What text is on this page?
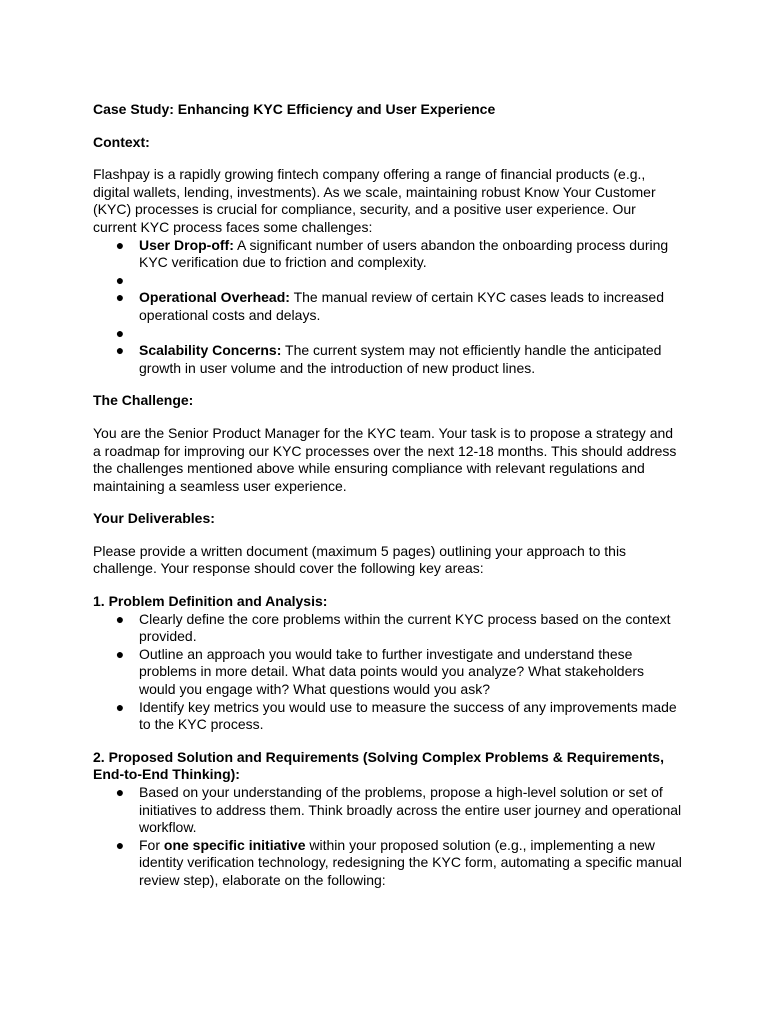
Case Study: Enhancing KYC Efficiency and User Experience

Context:

Flashpay is a rapidly growing fintech company offering a range of financial products (e.g., digital wallets, lending, investments). As we scale, maintaining robust Know Your Customer (KYC) processes is crucial for compliance, security, and a positive user experience. Our current KYC process faces some challenges:

● User Drop-off: A significant number of users abandon the onboarding process during KYC verification due to friction and complexity.
●
● Operational Overhead: The manual review of certain KYC cases leads to increased operational costs and delays.
●
● Scalability Concerns: The current system may not efficiently handle the anticipated growth in user volume and the introduction of new product lines.

The Challenge:

You are the Senior Product Manager for the KYC team. Your task is to propose a strategy and a roadmap for improving our KYC processes over the next 12-18 months. This should address the challenges mentioned above while ensuring compliance with relevant regulations and maintaining a seamless user experience.

Your Deliverables:

Please provide a written document (maximum 5 pages) outlining your approach to this challenge. Your response should cover the following key areas:

1. Problem Definition and Analysis:

● Clearly define the core problems within the current KYC process based on the context provided.
● Outline an approach you would take to further investigate and understand these problems in more detail. What data points would you analyze? What stakeholders would you engage with? What questions would you ask?
● Identify key metrics you would use to measure the success of any improvements made to the KYC process.

2. Proposed Solution and Requirements (Solving Complex Problems & Requirements, End-to-End Thinking):

● Based on your understanding of the problems, propose a high-level solution or set of initiatives to address them. Think broadly across the entire user journey and operational workflow.
● For one specific initiative within your proposed solution (e.g., implementing a new identity verification technology, redesigning the KYC form, automating a specific manual review step), elaborate on the following:
